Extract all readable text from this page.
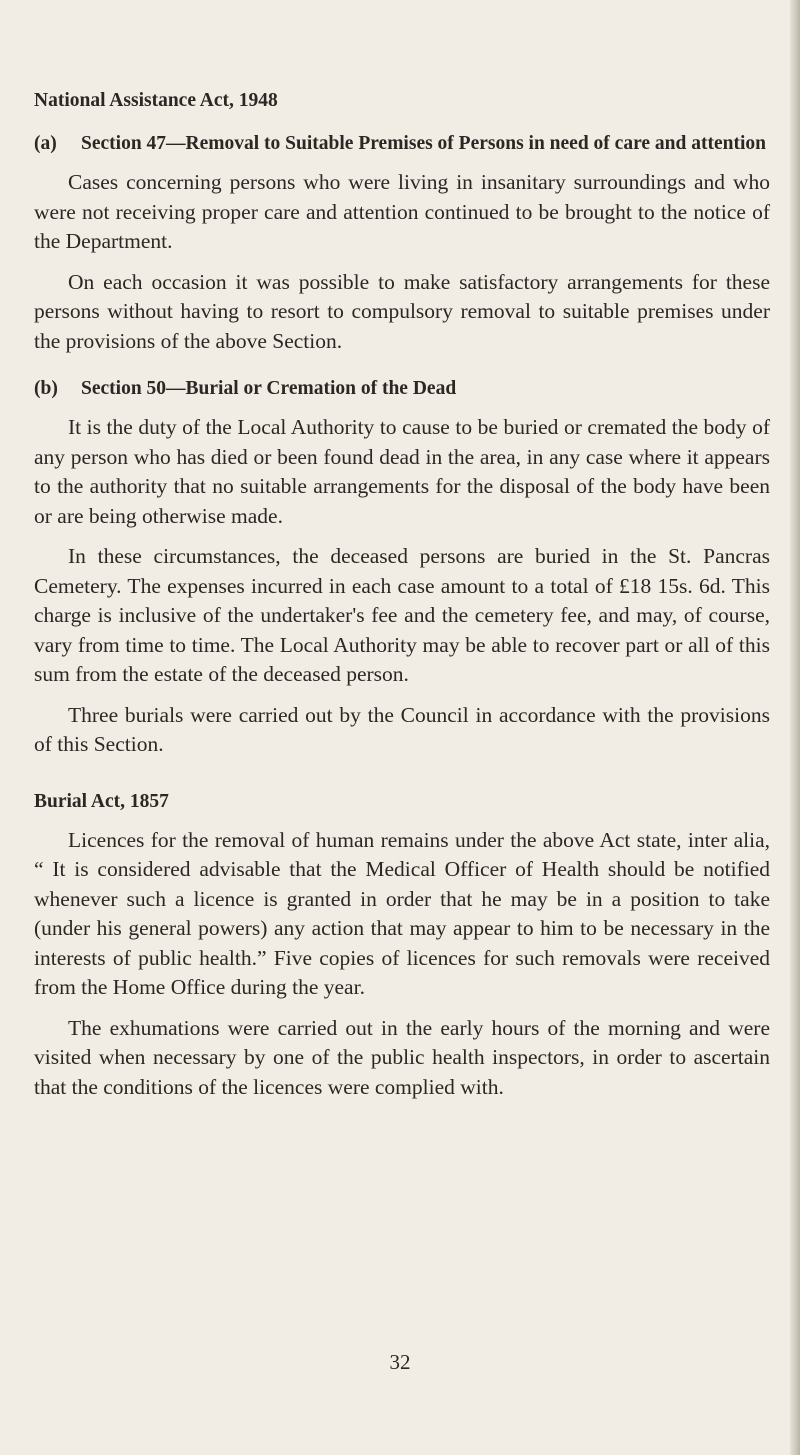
National Assistance Act, 1948
(a)	Section 47—Removal to Suitable Premises of Persons in need of care and attention

Cases concerning persons who were living in insanitary surroundings and who were not receiving proper care and attention continued to be brought to the notice of the Department.

On each occasion it was possible to make satisfactory arrangements for these persons without having to resort to compulsory removal to suitable premises under the provisions of the above Section.

(b)	Section 50—Burial or Cremation of the Dead

It is the duty of the Local Authority to cause to be buried or cremated the body of any person who has died or been found dead in the area, in any case where it appears to the authority that no suitable arrangements for the disposal of the body have been or are being otherwise made.

In these circumstances, the deceased persons are buried in the St. Pancras Cemetery. The expenses incurred in each case amount to a total of £18 15s. 6d. This charge is inclusive of the undertaker's fee and the cemetery fee, and may, of course, vary from time to time. The Local Authority may be able to recover part or all of this sum from the estate of the deceased person.

Three burials were carried out by the Council in accordance with the provisions of this Section.

Burial Act, 1857

Licences for the removal of human remains under the above Act state, inter alia, “ It is considered advisable that the Medical Officer of Health should be notified whenever such a licence is granted in order that he may be in a position to take (under his general powers) any action that may appear to him to be necessary in the interests of public health.” Five copies of licences for such removals were received from the Home Office during the year.

The exhumations were carried out in the early hours of the morning and were visited when necessary by one of the public health inspectors, in order to ascertain that the conditions of the licences were complied with.

32
